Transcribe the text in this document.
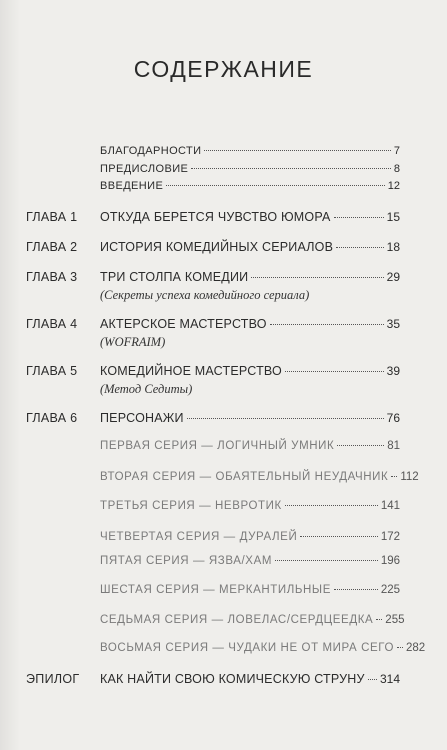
СОДЕРЖАНИЕ
БЛАГОДАРНОСТИ	7
ПРЕДИСЛОВИЕ	8
ВВЕДЕНИЕ	12
ГЛАВА 1 ОТКУДА БЕРЕТСЯ ЧУВСТВО ЮМОРА	15
ГЛАВА 2 ИСТОРИЯ КОМЕДИЙНЫХ СЕРИАЛОВ	18
ГЛАВА 3 ТРИ СТОЛПА КОМЕДИИ	29
(Секреты успеха комедийного сериала)
ГЛАВА 4 АКТЕРСКОЕ МАСТЕРСТВО	35
(WOFRAIM)
ГЛАВА 5 КОМЕДИЙНОЕ МАСТЕРСТВО	39
(Метод Седиты)
ГЛАВА 6 ПЕРСОНАЖИ	76
ПЕРВАЯ СЕРИЯ — ЛОГИЧНЫЙ УМНИК	81
ВТОРАЯ СЕРИЯ — ОБАЯТЕЛЬНЫЙ НЕУДАЧНИК 112
ТРЕТЬЯ СЕРИЯ — НЕВРОТИК	141
ЧЕТВЕРТАЯ СЕРИЯ — ДУРАЛЕЙ	172
ПЯТАЯ СЕРИЯ — ЯЗВА/ХАМ	196
ШЕСТАЯ СЕРИЯ — МЕРКАНТИЛЬНЫЕ	225
СЕДЬМАЯ СЕРИЯ — ЛОВЕЛАС/СЕРДЦЕЕДКА 255
ВОСЬМАЯ СЕРИЯ — ЧУДАКИ НЕ ОТ МИРА СЕГО 282
ЭПИЛОГ КАК НАЙТИ СВОЮ КОМИЧЕСКУЮ СТРУНУ 314
